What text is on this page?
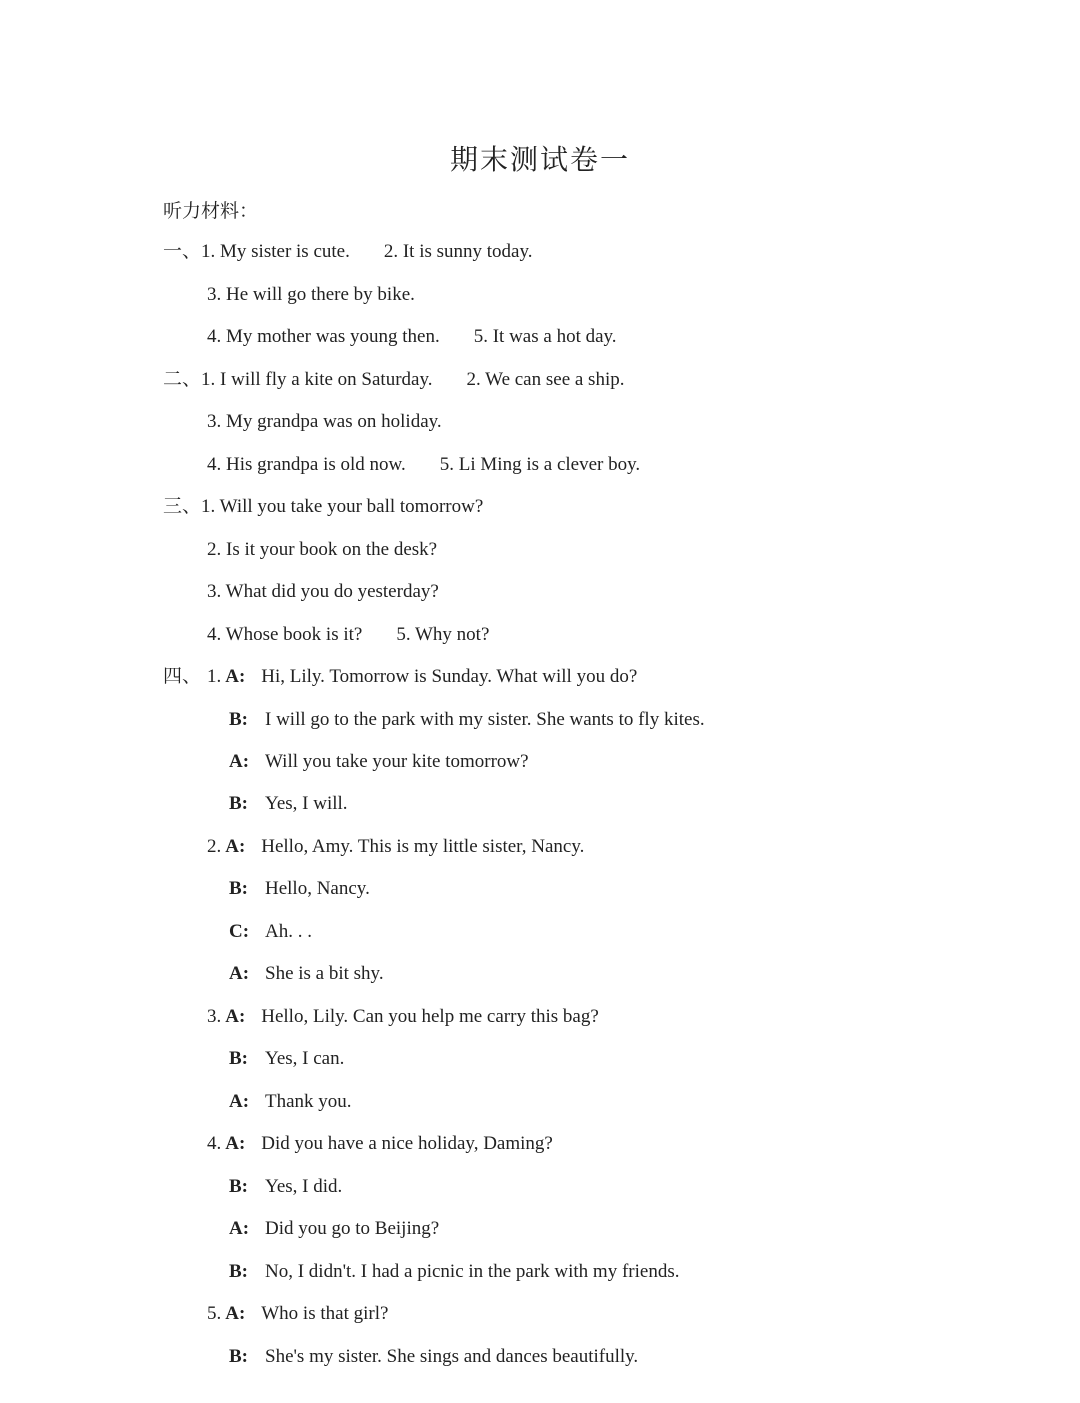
期末测试卷一
听力材料：
一、1. My sister is cute. 2. It is sunny today.
3. He will go there by bike.
4. My mother was young then. 5. It was a hot day.
二、1. I will fly a kite on Saturday. 2. We can see a ship.
3. My grandpa was on holiday.
4. His grandpa is old now. 5. Li Ming is a clever boy.
三、1. Will you take your ball tomorrow?
2. Is it your book on the desk?
3. What did you do yesterday?
4. Whose book is it? 5. Why not?
四、 1. A: Hi, Lily. Tomorrow is Sunday. What will you do?
B: I will go to the park with my sister. She wants to fly kites.
A: Will you take your kite tomorrow?
B: Yes, I will.
2. A: Hello, Amy. This is my little sister, Nancy.
B: Hello, Nancy.
C: Ah. . .
A: She is a bit shy.
3. A: Hello, Lily. Can you help me carry this bag?
B: Yes, I can.
A: Thank you.
4. A: Did you have a nice holiday, Daming?
B: Yes, I did.
A: Did you go to Beijing?
B: No, I didn't. I had a picnic in the park with my friends.
5. A: Who is that girl?
B: She's my sister. She sings and dances beautifully.
